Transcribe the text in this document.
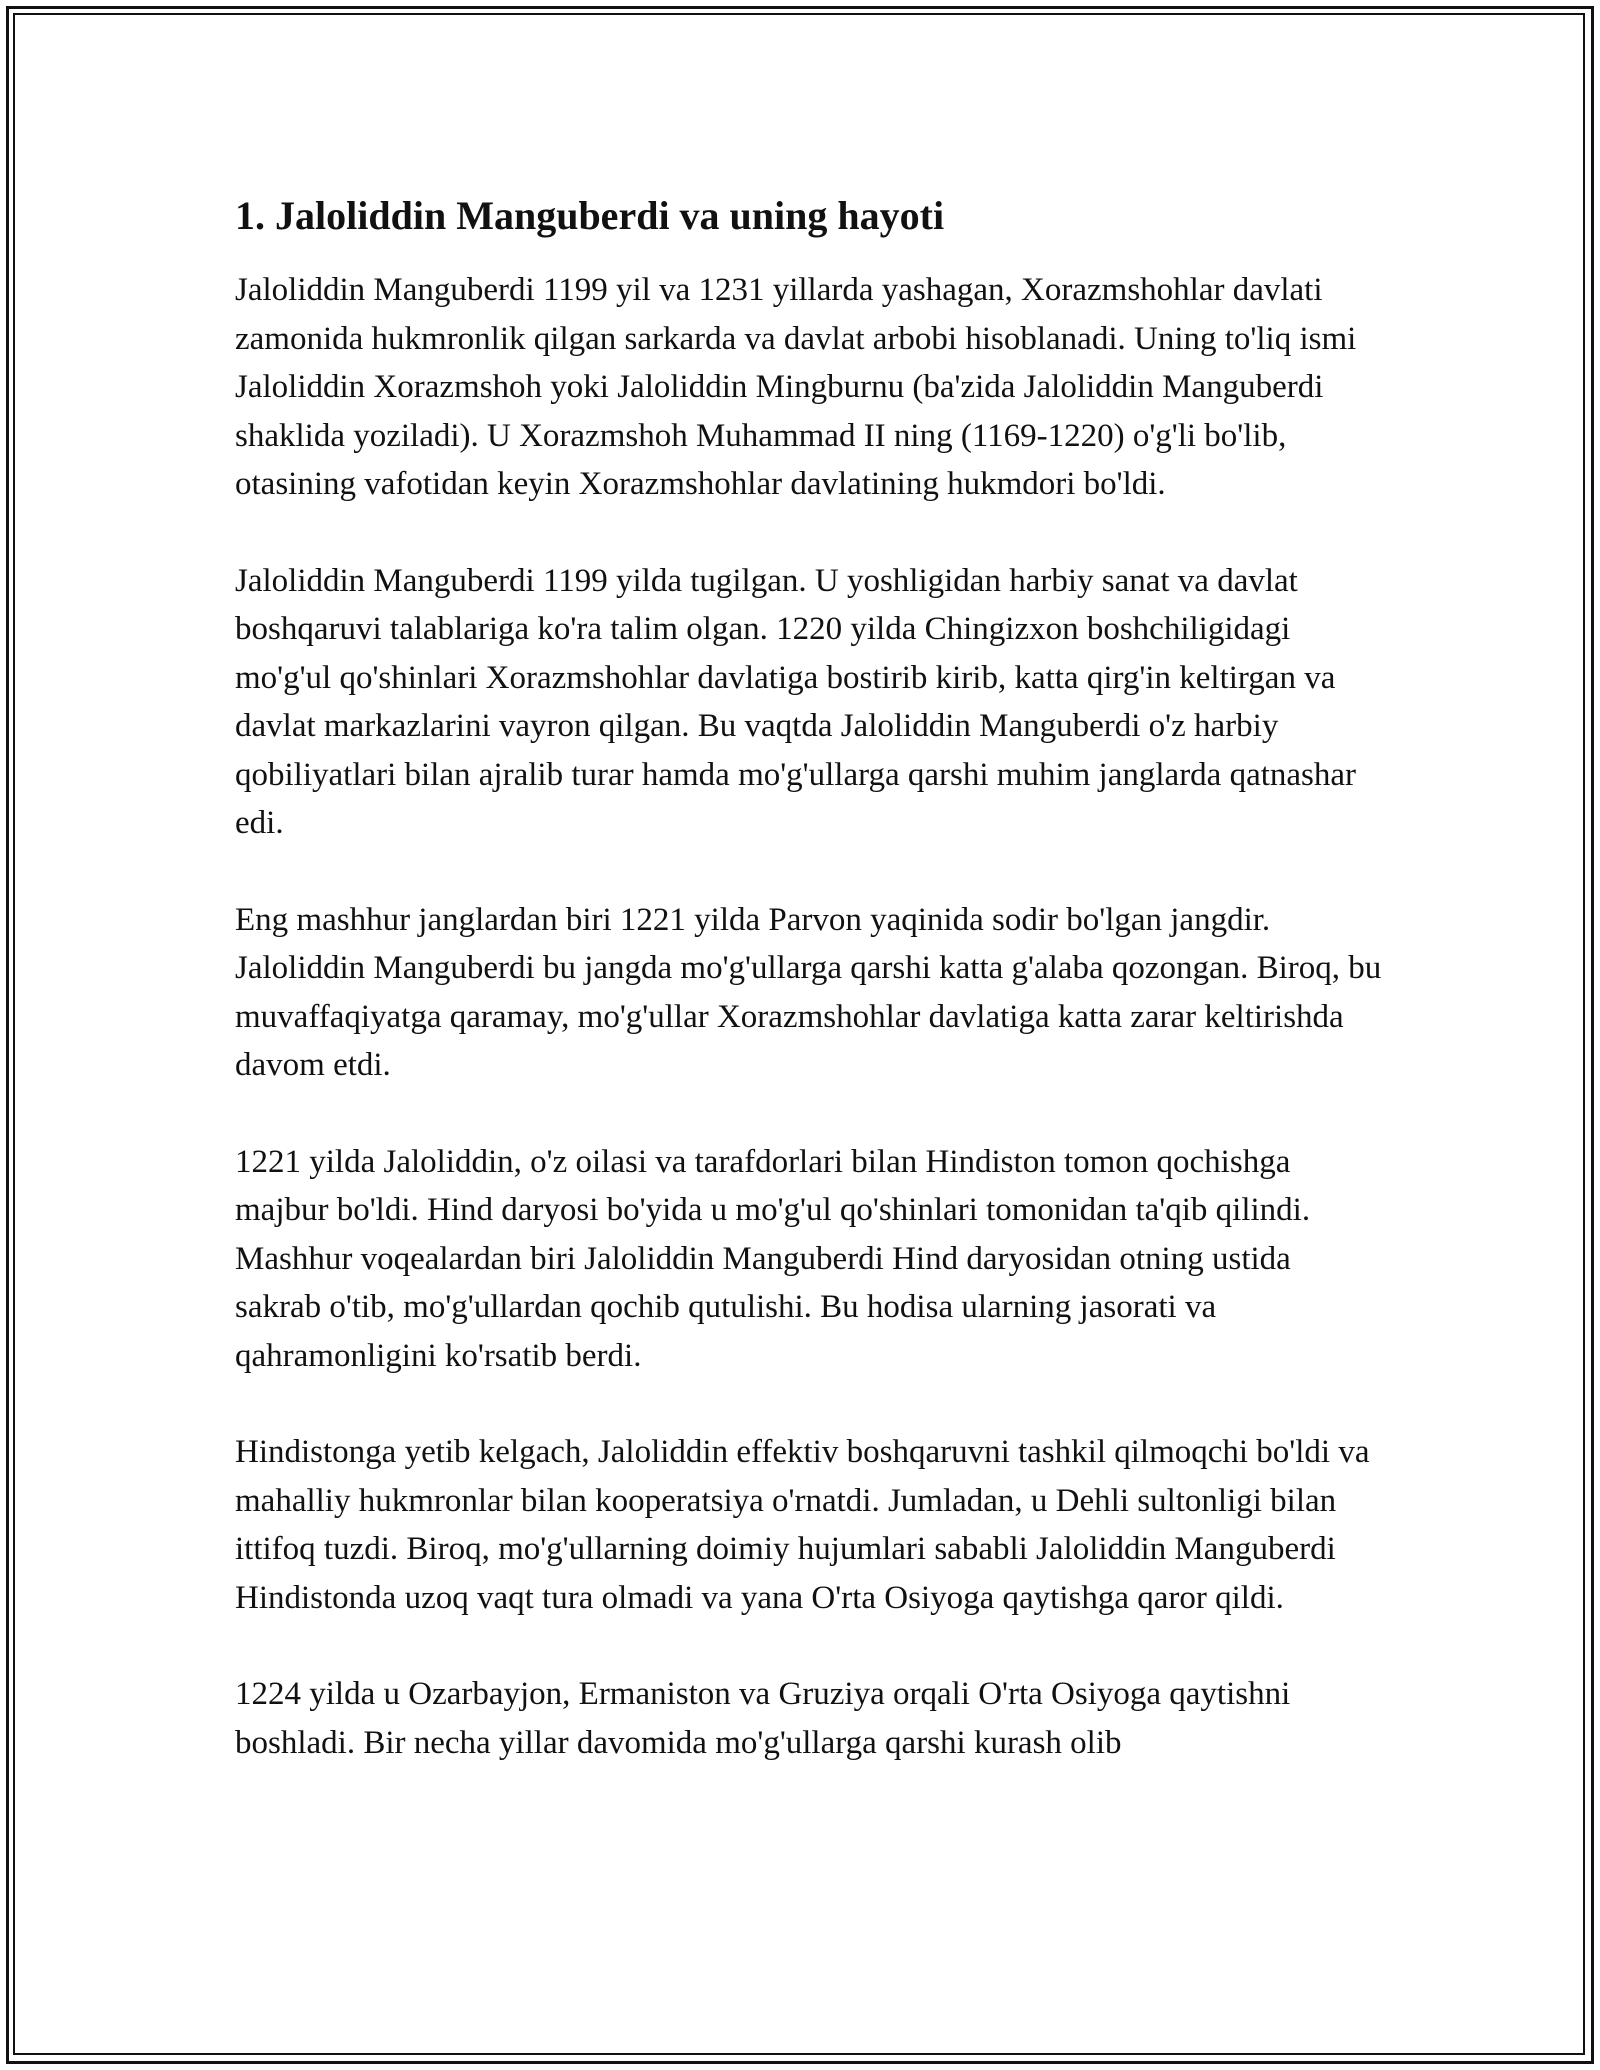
1. Jaloliddin Manguberdi va uning hayoti

Jaloliddin Manguberdi 1199 yil va 1231 yillarda yashagan, Xorazmshohlar davlati zamonida hukmronlik qilgan sarkarda va davlat arbobi hisoblanadi. Uning to'liq ismi Jaloliddin Xorazmshoh yoki Jaloliddin Mingburnu (ba'zida Jaloliddin Manguberdi shaklida yoziladi). U Xorazmshoh Muhammad II ning (1169-1220) o'g'li bo'lib, otasining vafotidan keyin Xorazmshohlar davlatining hukmdori bo'ldi.

Jaloliddin Manguberdi 1199 yilda tugilgan. U yoshligidan harbiy sanat va davlat boshqaruvi talablariga ko'ra talim olgan. 1220 yilda Chingizxon boshchiligidagi mo'g'ul qo'shinlari Xorazmshohlar davlatiga bostirib kirib, katta qirg'in keltirgan va davlat markazlarini vayron qilgan. Bu vaqtda Jaloliddin Manguberdi o'z harbiy qobiliyatlari bilan ajralib turar hamda mo'g'ullarga qarshi muhim janglarda qatnashar edi.

Eng mashhur janglardan biri 1221 yilda Parvon yaqinida sodir bo'lgan jangdir. Jaloliddin Manguberdi bu jangda mo'g'ullarga qarshi katta g'alaba qozongan. Biroq, bu muvaffaqiyatga qaramay, mo'g'ullar Xorazmshohlar davlatiga katta zarar keltirishda davom etdi.

1221 yilda Jaloliddin, o'z oilasi va tarafdorlari bilan Hindiston tomon qochishga majbur bo'ldi. Hind daryosi bo'yida u mo'g'ul qo'shinlari tomonidan ta'qib qilindi. Mashhur voqealardan biri Jaloliddin Manguberdi Hind daryosidan otning ustida sakrab o'tib, mo'g'ullardan qochib qutulishi. Bu hodisa ularning jasorati va qahramonligini ko'rsatib berdi.

Hindistonga yetib kelgach, Jaloliddin effektiv boshqaruvni tashkil qilmoqchi bo'ldi va mahalliy hukmronlar bilan kooperatsiya o'rnatdi. Jumladan, u Dehli sultonligi bilan ittifoq tuzdi. Biroq, mo'g'ullarning doimiy hujumlari sababli Jaloliddin Manguberdi Hindistonda uzoq vaqt tura olmadi va yana O'rta Osiyoga qaytishga qaror qildi.

1224 yilda u Ozarbayjon, Ermaniston va Gruziya orqali O'rta Osiyoga qaytishni boshladi. Bir necha yillar davomida mo'g'ullarga qarshi kurash olib
